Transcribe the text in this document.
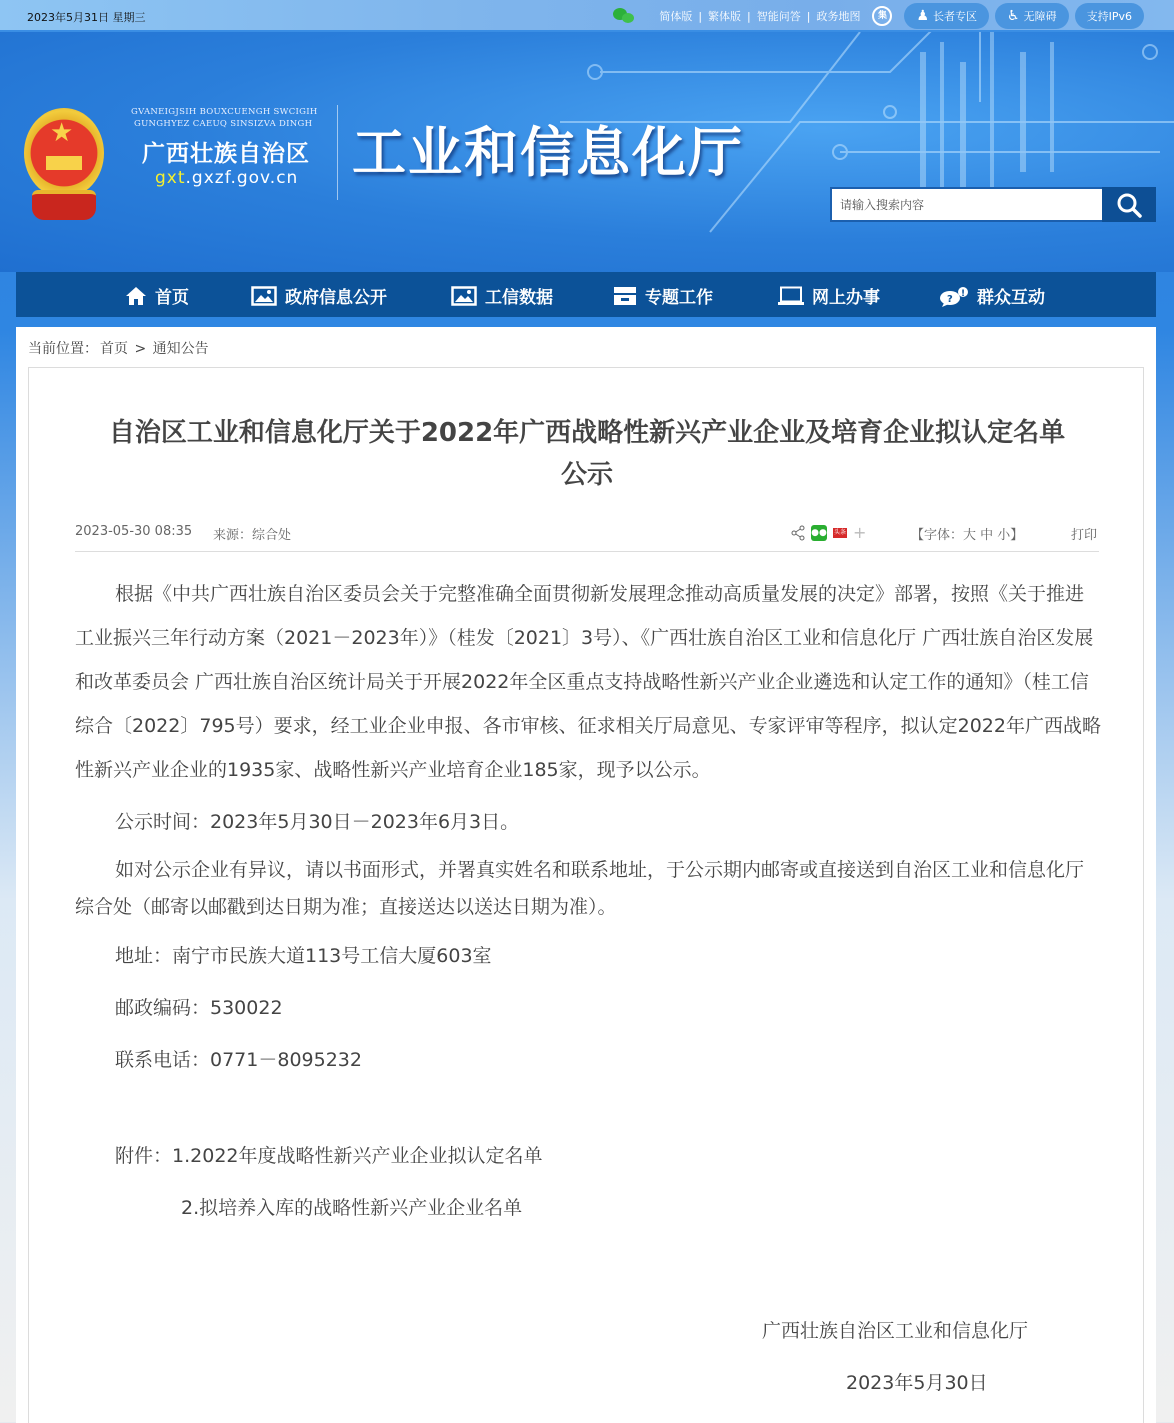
2023年5月31日 星期三	简体版 | 繁体版 | 智能问答 | 政务地图	集	♟ 长者专区 ♿ 无障碍	支持IPv6
★
GVANEIGJSIH BOUXCUENGH SWCIGIH
GUNGHYEZ CAEUQ SINSIZVA DINGH
广西壮族自治区
gxt.gxzf.gov.cn 工业和信息化厅
请输入搜索内容
首页	政府信息公开	工信数据	专题工作	网上办事	? ! 群众互动
当前位置： 首页 > 通知公告
自治区工业和信息化厅关于2022年广西战略性新兴产业企业及培育企业拟认定名单
公示
2023-05-30 08:35 来源：综合处	●● 头条 +	【字体：大 中 小】	打印

根据《中共广西壮族自治区委员会关于完整准确全面贯彻新发展理念推动高质量发展的决定》部署，按照《关于推进工业振兴三年行动方案（2021－2023年）》（桂发〔2021〕3号）、《广西壮族自治区工业和信息化厅 广西壮族自治区发展和改革委员会 广西壮族自治区统计局关于开展2022年全区重点支持战略性新兴产业企业遴选和认定工作的通知》（桂工信综合〔2022〕795号）要求，经工业企业申报、各市审核、征求相关厅局意见、专家评审等程序，拟认定2022年广西战略性新兴产业企业的1935家、战略性新兴产业培育企业185家，现予以公示。

公示时间：2023年5月30日－2023年6月3日。

如对公示企业有异议，请以书面形式，并署真实姓名和联系地址，于公示期内邮寄或直接送到自治区工业和信息化厅综合处（邮寄以邮戳到达日期为准；直接送达以送达日期为准）。

地址：南宁市民族大道113号工信大厦603室

邮政编码：530022

联系电话：0771－8095232

附件：1.2022年度战略性新兴产业企业拟认定名单

2.拟培养入库的战略性新兴产业企业名单

广西壮族自治区工业和信息化厅
2023年5月30日
